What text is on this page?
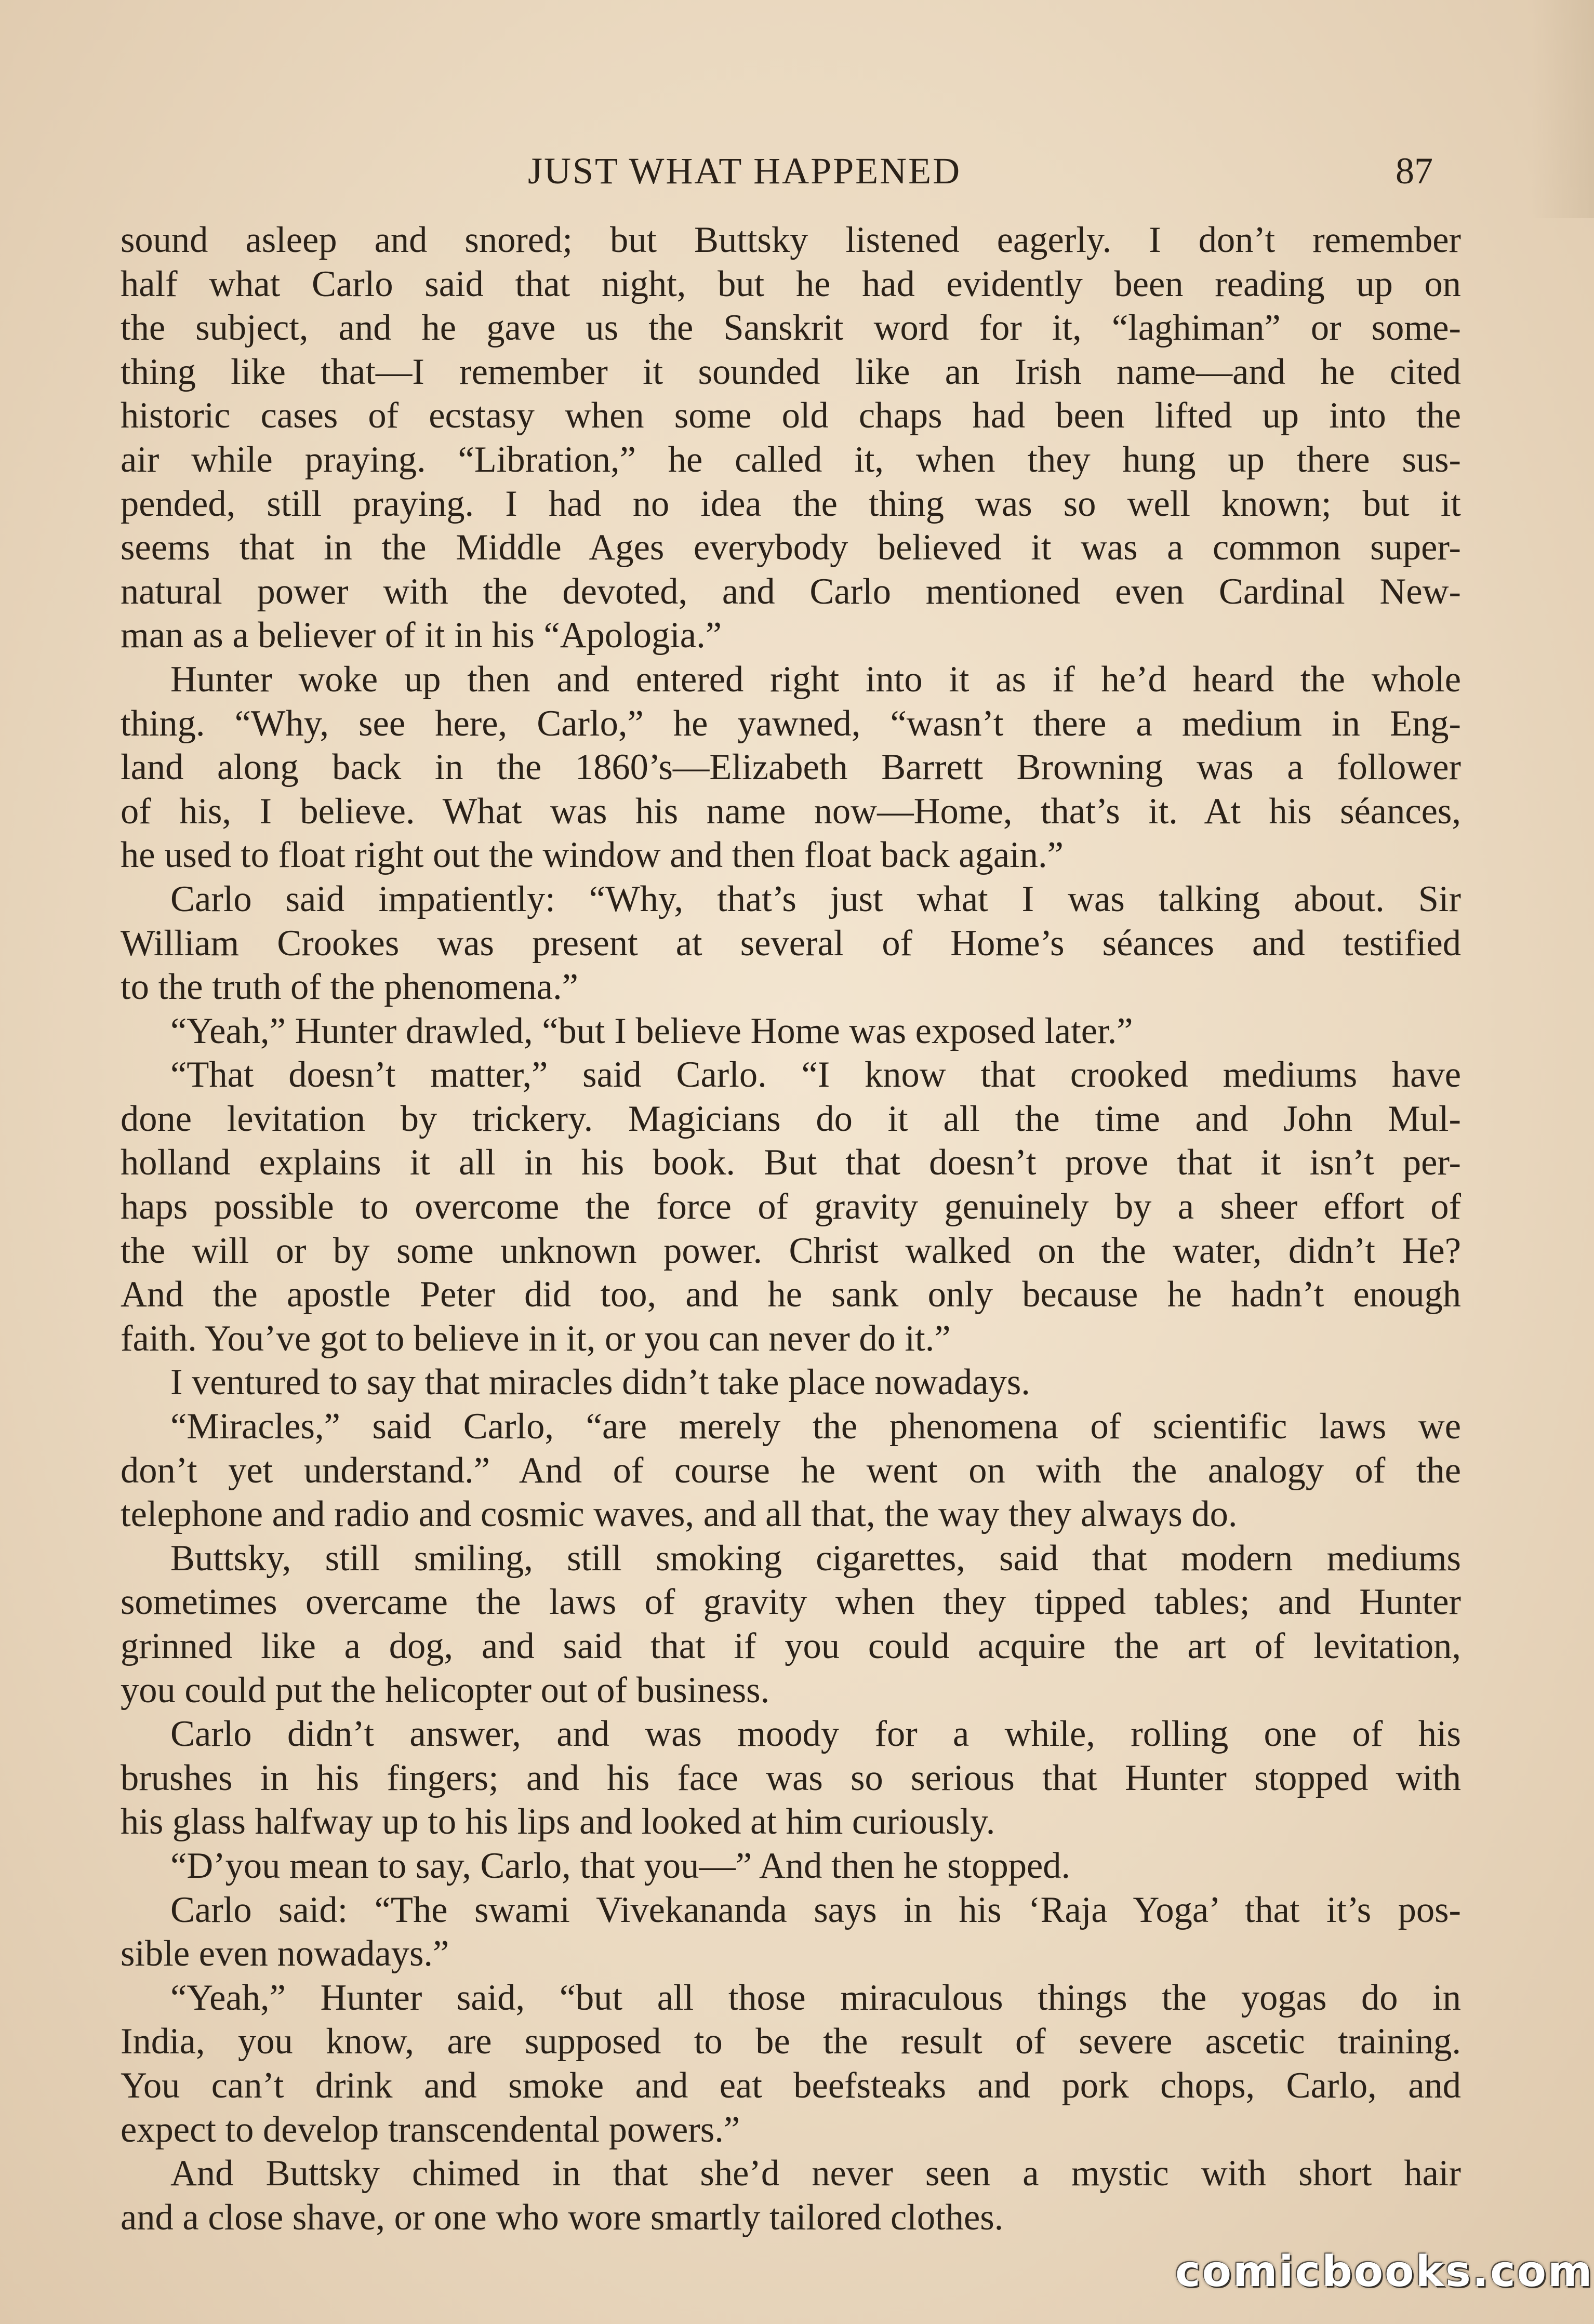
JUST WHAT HAPPENED	87
sound asleep and snored; but Buttsky listened eagerly. I don’t remember
half what Carlo said that night, but he had evidently been reading up on
the subject, and he gave us the Sanskrit word for it, “laghiman” or some-
thing like that—I remember it sounded like an Irish name—and he cited
historic cases of ecstasy when some old chaps had been lifted up into the
air while praying. “Libration,” he called it, when they hung up there sus-
pended, still praying. I had no idea the thing was so well known; but it
seems that in the Middle Ages everybody believed it was a common super-
natural power with the devoted, and Carlo mentioned even Cardinal New-
man as a believer of it in his “Apologia.”
Hunter woke up then and entered right into it as if he’d heard the whole
thing. “Why, see here, Carlo,” he yawned, “wasn’t there a medium in Eng-
land along back in the 1860’s—Elizabeth Barrett Browning was a follower
of his, I believe. What was his name now—Home, that’s it. At his séances,
he used to float right out the window and then float back again.”
Carlo said impatiently: “Why, that’s just what I was talking about. Sir
William Crookes was present at several of Home’s séances and testified
to the truth of the phenomena.”
“Yeah,” Hunter drawled, “but I believe Home was exposed later.”
“That doesn’t matter,” said Carlo. “I know that crooked mediums have
done levitation by trickery. Magicians do it all the time and John Mul-
holland explains it all in his book. But that doesn’t prove that it isn’t per-
haps possible to overcome the force of gravity genuinely by a sheer effort of
the will or by some unknown power. Christ walked on the water, didn’t He?
And the apostle Peter did too, and he sank only because he hadn’t enough
faith. You’ve got to believe in it, or you can never do it.”
I ventured to say that miracles didn’t take place nowadays.
“Miracles,” said Carlo, “are merely the phenomena of scientific laws we
don’t yet understand.” And of course he went on with the analogy of the
telephone and radio and cosmic waves, and all that, the way they always do.
Buttsky, still smiling, still smoking cigarettes, said that modern mediums
sometimes overcame the laws of gravity when they tipped tables; and Hunter
grinned like a dog, and said that if you could acquire the art of levitation,
you could put the helicopter out of business.
Carlo didn’t answer, and was moody for a while, rolling one of his
brushes in his fingers; and his face was so serious that Hunter stopped with
his glass halfway up to his lips and looked at him curiously.
“D’you mean to say, Carlo, that you—” And then he stopped.
Carlo said: “The swami Vivekananda says in his ‘Raja Yoga’ that it’s pos-
sible even nowadays.”
“Yeah,” Hunter said, “but all those miraculous things the yogas do in
India, you know, are supposed to be the result of severe ascetic training.
You can’t drink and smoke and eat beefsteaks and pork chops, Carlo, and
expect to develop transcendental powers.”
And Buttsky chimed in that she’d never seen a mystic with short hair
and a close shave, or one who wore smartly tailored clothes.
comicbooks.com
